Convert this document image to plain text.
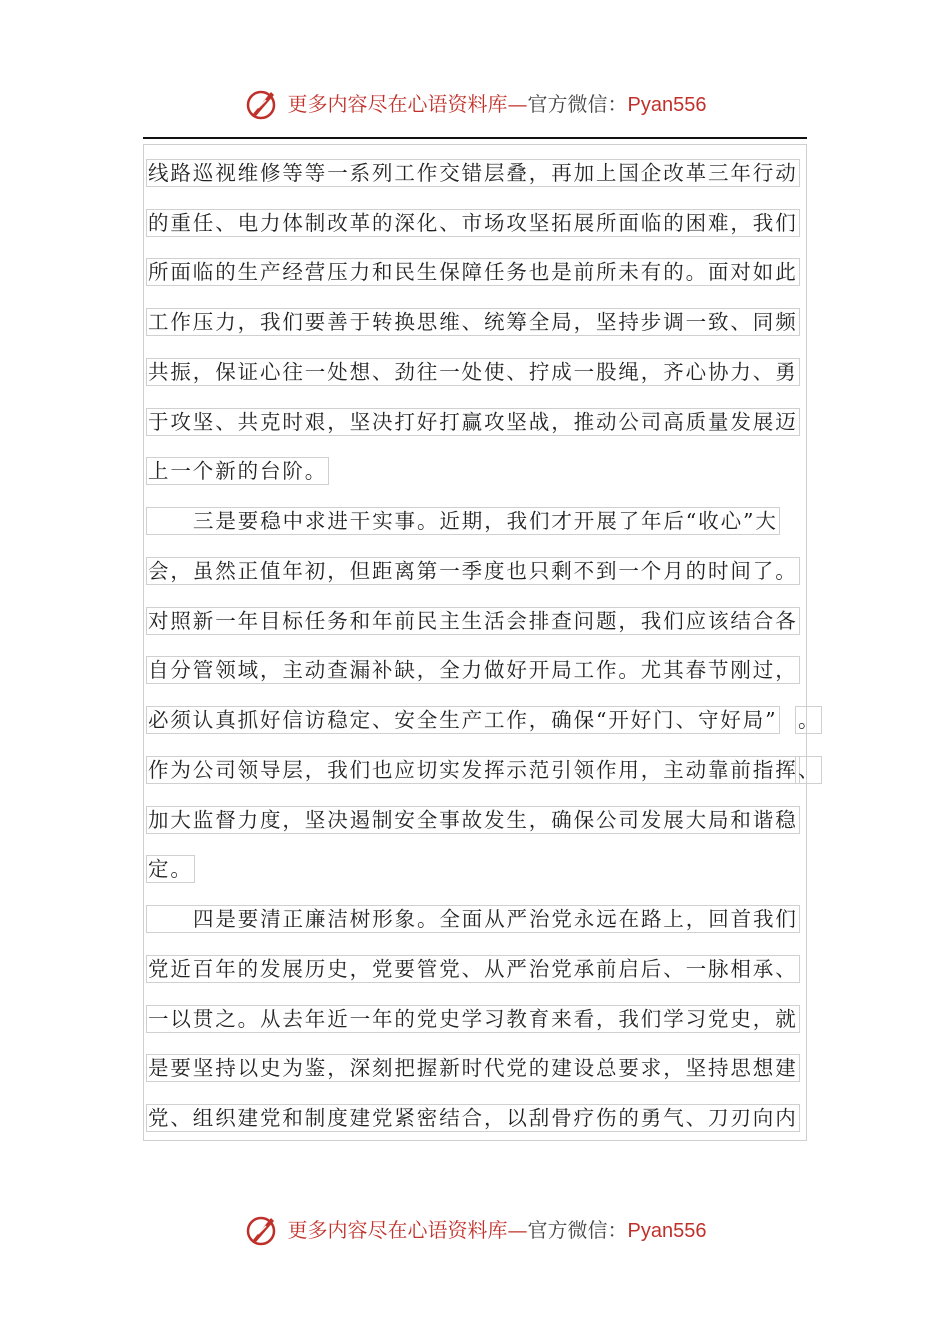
更多内容尽在心语资料库—官方微信：Pyan556
线路巡视维修等等一系列工作交错层叠，再加上国企改革三年行动
的重任、电力体制改革的深化、市场攻坚拓展所面临的困难，我们
所面临的生产经营压力和民生保障任务也是前所未有的。面对如此
工作压力，我们要善于转换思维、统筹全局，坚持步调一致、同频
共振，保证心往一处想、劲往一处使、拧成一股绳，齐心协力、勇
于攻坚、共克时艰，坚决打好打赢攻坚战，推动公司高质量发展迈
上一个新的台阶。
三是要稳中求进干实事。近期，我们才开展了年后“收心”大
会，虽然正值年初，但距离第一季度也只剩不到一个月的时间了。
对照新一年目标任务和年前民主生活会排查问题，我们应该结合各
自分管领域，主动查漏补缺，全力做好开局工作。尤其春节刚过，
必须认真抓好信访稳定、安全生产工作，确保“开好门、守好局” 。
作为公司领导层，我们也应切实发挥示范引领作用，主动靠前指挥 、
加大监督力度，坚决遏制安全事故发生，确保公司发展大局和谐稳
定。
四是要清正廉洁树形象。全面从严治党永远在路上，回首我们
党近百年的发展历史，党要管党、从严治党承前启后、一脉相承、
一以贯之。从去年近一年的党史学习教育来看，我们学习党史，就
是要坚持以史为鉴，深刻把握新时代党的建设总要求，坚持思想建
党、组织建党和制度建党紧密结合，以刮骨疗伤的勇气、刀刃向内
更多内容尽在心语资料库—官方微信：Pyan556
